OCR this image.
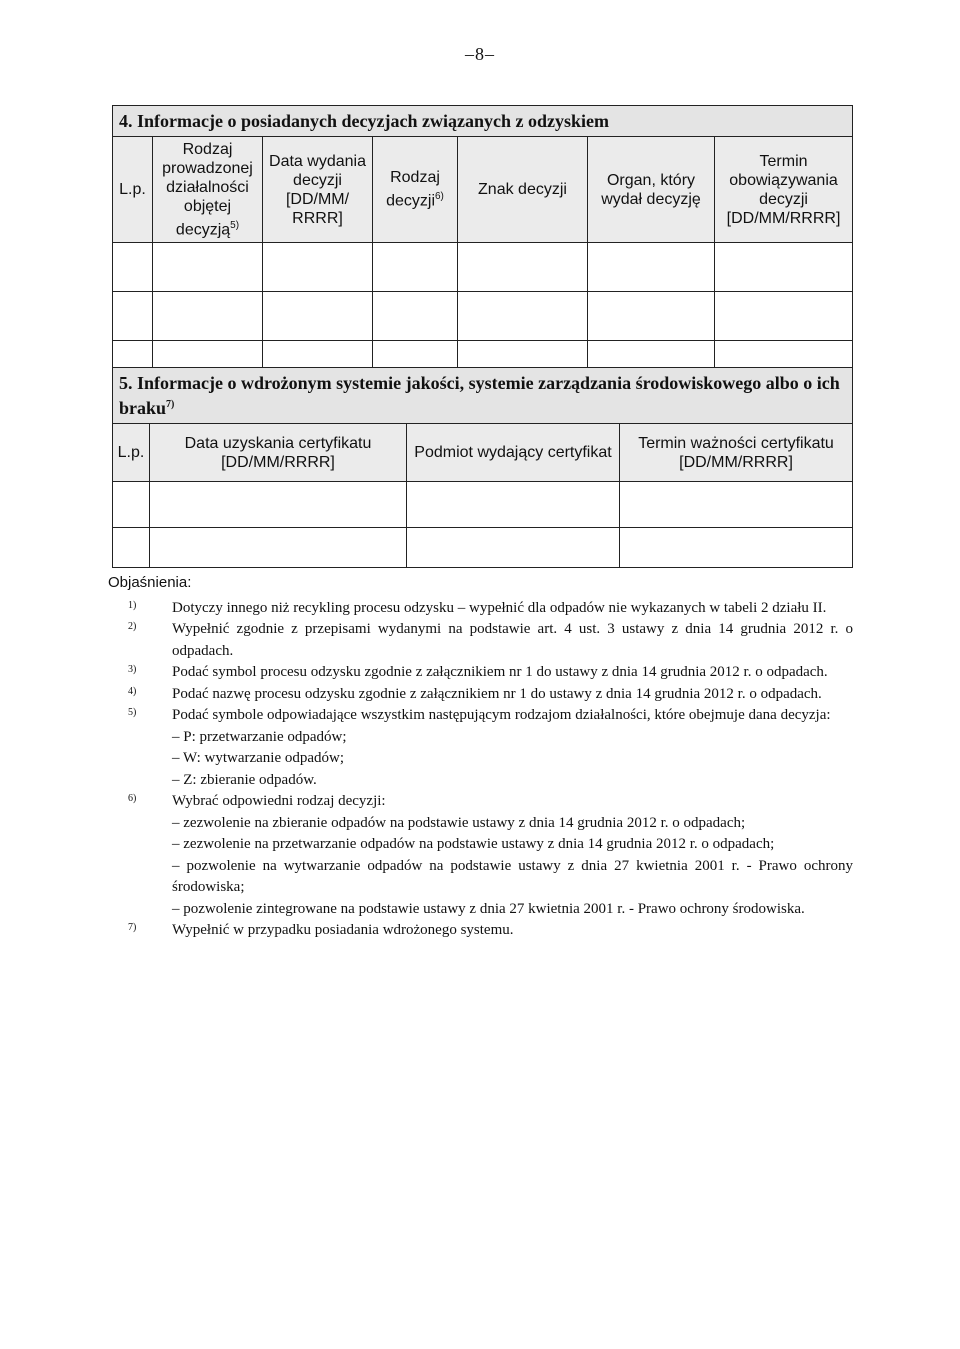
–8–
4. Informacje o posiadanych decyzjach związanych z odzyskiem						
L.p.	Rodzaj prowadzonej działalności objętej decyzją$^{5)}$	Data wydania decyzji [DD/MM/ RRRR]	Rodzaj decyzji$^{6)}$	Znak decyzji	Organ, który wydał decyzję	Termin obowiązywania decyzji [DD/MM/RRRR]

5. Informacje o wdrożonym systemie jakości, systemie zarządzania środowiskowego albo o ich braku$^{7)}$
L.p.	Data uzyskania certyfikatu [DD/MM/RRRR]	Podmiot wydający certyfikat	Termin ważności certyfikatu [DD/MM/RRRR]

Objaśnienia:
1) Dotyczy innego niż recykling procesu odzysku – wypełnić dla odpadów nie wykazanych w tabeli 2 działu II.
2) Wypełnić zgodnie z przepisami wydanymi na podstawie art. 4 ust. 3 ustawy z dnia 14 grudnia 2012 r. o odpadach.
3) Podać symbol procesu odzysku zgodnie z załącznikiem nr 1 do ustawy z dnia 14 grudnia 2012 r. o odpadach.
4) Podać nazwę procesu odzysku zgodnie z załącznikiem nr 1 do ustawy z dnia 14 grudnia 2012 r. o odpadach.
5) Podać symbole odpowiadające wszystkim następującym rodzajom działalności, które obejmuje dana decyzja:
– P: przetwarzanie odpadów;
– W: wytwarzanie odpadów;
– Z: zbieranie odpadów.
6) Wybrać odpowiedni rodzaj decyzji:
– zezwolenie na zbieranie odpadów na podstawie ustawy z dnia 14 grudnia 2012 r. o odpadach;
– zezwolenie na przetwarzanie odpadów na podstawie ustawy z dnia 14 grudnia 2012 r. o odpadach;
– pozwolenie na wytwarzanie odpadów na podstawie ustawy z dnia 27 kwietnia 2001 r. - Prawo ochrony środowiska;
– pozwolenie zintegrowane na podstawie ustawy z dnia 27 kwietnia 2001 r. - Prawo ochrony środowiska.
7) Wypełnić w przypadku posiadania wdrożonego systemu.
